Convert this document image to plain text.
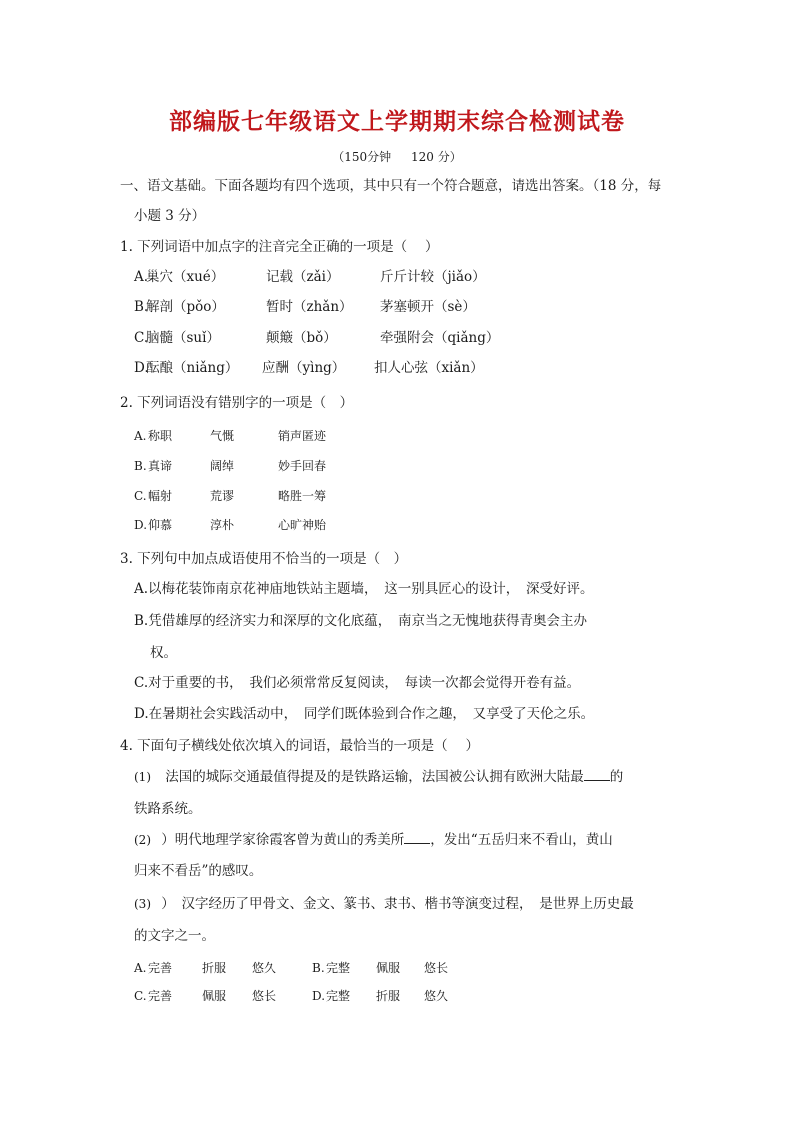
部编版七年级语文上学期期末综合检测试卷
（150分钟 120 分）
一、语文基础。下面各题均有四个选项，其中只有一个符合题意，请选出答案。（18 分，每
小题 3 分）
1. 下列词语中加点字的注音完全正确的一项是（　 ）
A.
巢穴（xué）	记载（zǎi）	斤斤计较（jiǎo）
B.
解剖（pǒo）	暂时（zhǎn） 茅塞顿开（sè）
C.
脑髓（suǐ）	颠簸（bǒ）	牵强附会（qiǎng）
D.
酝酿（niǎng） 应酬（yìng） 扣人心弦（xiǎn）
2. 下列词语没有错别字的一项是（　）
A. 称职	气慨	销声匿迹
B. 真谛	阔绰	妙手回春
C. 幅射	荒谬	略胜一筹
D. 仰慕	淳朴	心旷神贻
3. 下列句中加点成语使用不恰当的一项是（　）
A.以梅花装饰南京花神庙地铁站主题墙，　这一别具匠心的设计，　深受好评。
B.凭借雄厚的经济实力和深厚的文化底蕴，　南京当之无愧地获得青奥会主办
权。
C.对于重要的书，　我们必须常常反复阅读，　每读一次都会觉得开卷有益。
D.在暑期社会实践活动中，　同学们既体验到合作之趣，　又享受了天伦之乐。
4. 下面句子横线处依次填入的词语，最恰当的一项是（　 ）
(1) 法国的城际交通最值得提及的是铁路运输，法国被公认拥有欧洲大陆最 的
铁路系统。
(2) ）明代地理学家徐霞客曾为黄山的秀美所 ，发出“五岳归来不看山，黄山
归来不看岳”的感叹。
(3) ）　汉字经历了甲骨文、金文、篆书、隶书、楷书等演变过程，　是世界上历史最
的文字之一。
A. 完善 折服 悠久	B. 完整 佩服 悠长
C. 完善 佩服 悠长	D. 完整 折服 悠久
